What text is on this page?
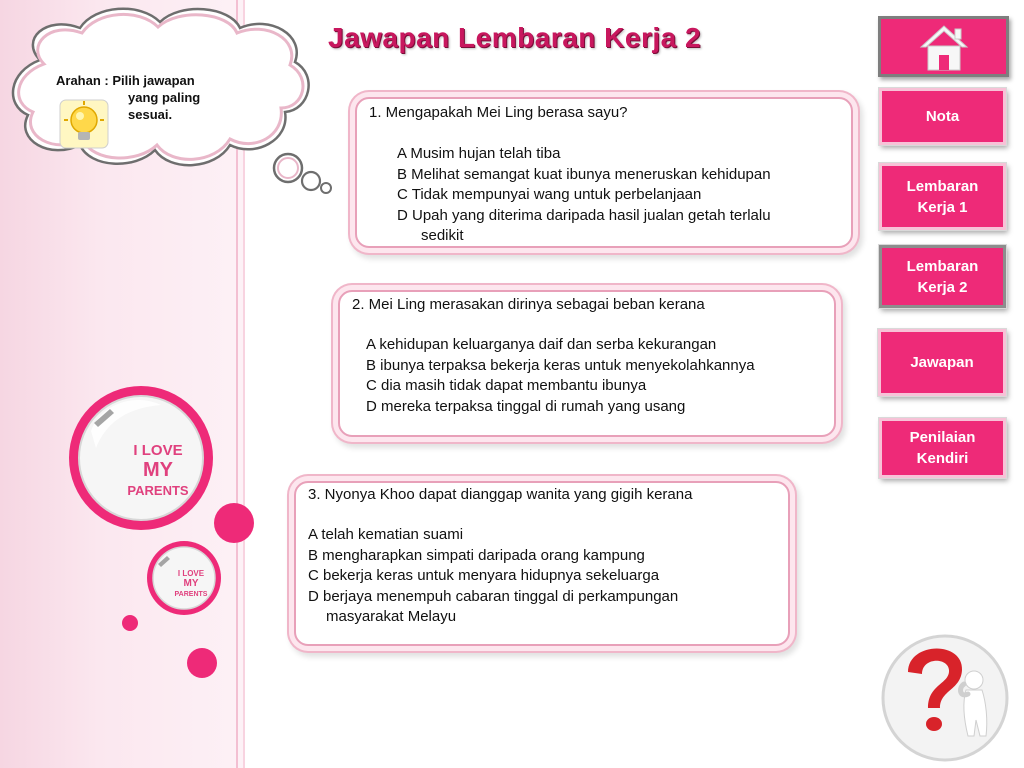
Arahan : Pilih jawapan
yang paling
sesuai.
Jawapan Lembaran Kerja 2
1. Mengapakah Mei Ling berasa sayu?
A Musim hujan telah tiba
B Melihat semangat kuat ibunya meneruskan kehidupan
C Tidak mempunyai wang untuk perbelanjaan
D Upah yang diterima daripada hasil jualan getah terlalu
sedikit
2. Mei Ling merasakan dirinya sebagai beban kerana
A kehidupan keluarganya daif dan serba kekurangan
B ibunya terpaksa bekerja keras untuk menyekolahkannya
C dia masih tidak dapat membantu ibunya
D mereka terpaksa tinggal di rumah yang usang
3. Nyonya Khoo dapat dianggap wanita yang gigih kerana
A telah kematian suami
B mengharapkan simpati daripada orang kampung
C bekerja keras untuk menyara hidupnya sekeluarga
D berjaya menempuh cabaran tinggal di perkampungan
masyarakat Melayu
Nota
Lembaran
Kerja 1
Lembaran
Kerja 2
Jawapan
Penilaian
Kendiri
I LOVE
MY
PARENTS
I LOVE
MY
PARENTS
